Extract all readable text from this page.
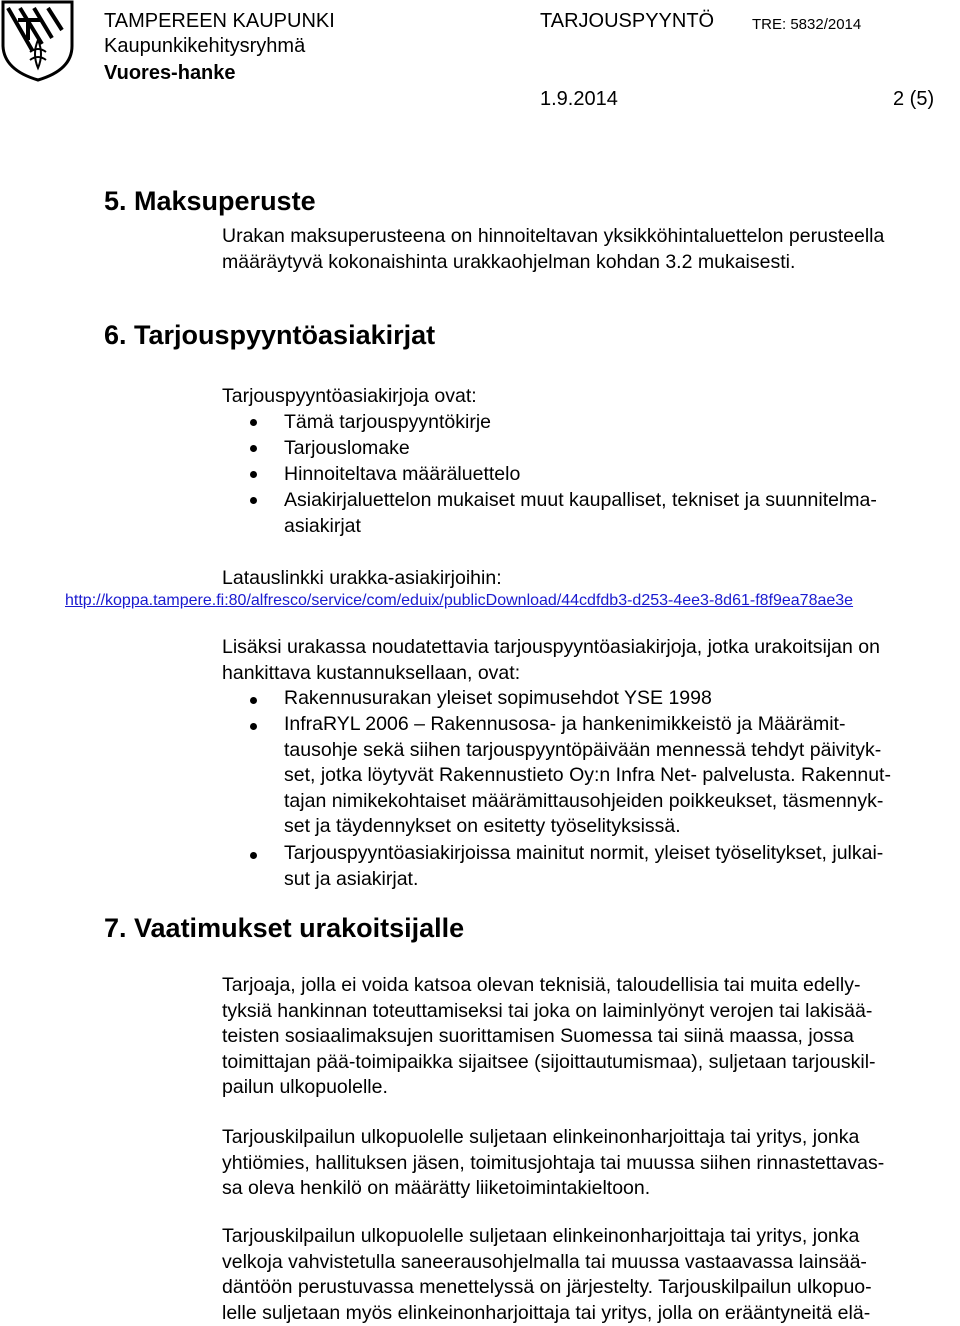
TAMPEREEN KAUPUNKI
Kaupunkikehitysryhmä
Vuores-hanke
TARJOUSPYYNTÖ	TRE: 5832/2014
1.9.2014	2 (5)
5. Maksuperuste
Urakan maksuperusteena on hinnoiteltavan yksikköhintaluettelon perusteella
määräytyvä kokonaishinta urakkaohjelman kohdan 3.2 mukaisesti.
6. Tarjouspyyntöasiakirjat
Tarjouspyyntöasiakirjoja ovat:
Tämä tarjouspyyntökirje
Tarjouslomake
Hinnoiteltava määräluettelo
Asiakirjaluettelon mukaiset muut kaupalliset, tekniset ja suunnitelma-
asiakirjat
Latauslinkki urakka-asiakirjoihin:
http://koppa.tampere.fi:80/alfresco/service/com/eduix/publicDownload/44cdfdb3-d253-4ee3-8d61-f8f9ea78ae3e
Lisäksi urakassa noudatettavia tarjouspyyntöasiakirjoja, jotka urakoitsijan on
hankittava kustannuksellaan, ovat:
Rakennusurakan yleiset sopimusehdot YSE 1998
InfraRYL 2006 – Rakennusosa- ja hankenimikkeistö ja Määrämit-
tausohje sekä siihen tarjouspyyntöpäivään mennessä tehdyt päivityk-
set, jotka löytyvät Rakennustieto Oy:n Infra Net- palvelusta. Rakennut-
tajan nimikekohtaiset määrämittausohjeiden poikkeukset, täsmennyk-
set ja täydennykset on esitetty työselityksissä.
Tarjouspyyntöasiakirjoissa mainitut normit, yleiset työselitykset, julkai-
sut ja asiakirjat.
7. Vaatimukset urakoitsijalle
Tarjoaja, jolla ei voida katsoa olevan teknisiä, taloudellisia tai muita edelly-
tyksiä hankinnan toteuttamiseksi tai joka on laiminlyönyt verojen tai lakisää-
teisten sosiaalimaksujen suorittamisen Suomessa tai siinä maassa, jossa
toimittajan pää-toimipaikka sijaitsee (sijoittautumismaa), suljetaan tarjouskil-
pailun ulkopuolelle.
Tarjouskilpailun ulkopuolelle suljetaan elinkeinonharjoittaja tai yritys, jonka
yhtiömies, hallituksen jäsen, toimitusjohtaja tai muussa siihen rinnastettavas-
sa oleva henkilö on määrätty liiketoimintakieltoon.
Tarjouskilpailun ulkopuolelle suljetaan elinkeinonharjoittaja tai yritys, jonka
velkoja vahvistetulla saneerausohjelmalla tai muussa vastaavassa lainsää-
däntöön perustuvassa menettelyssä on järjestelty. Tarjouskilpailun ulkopuo-
lelle suljetaan myös elinkeinonharjoittaja tai yritys, jolla on erääntyneitä elä-
